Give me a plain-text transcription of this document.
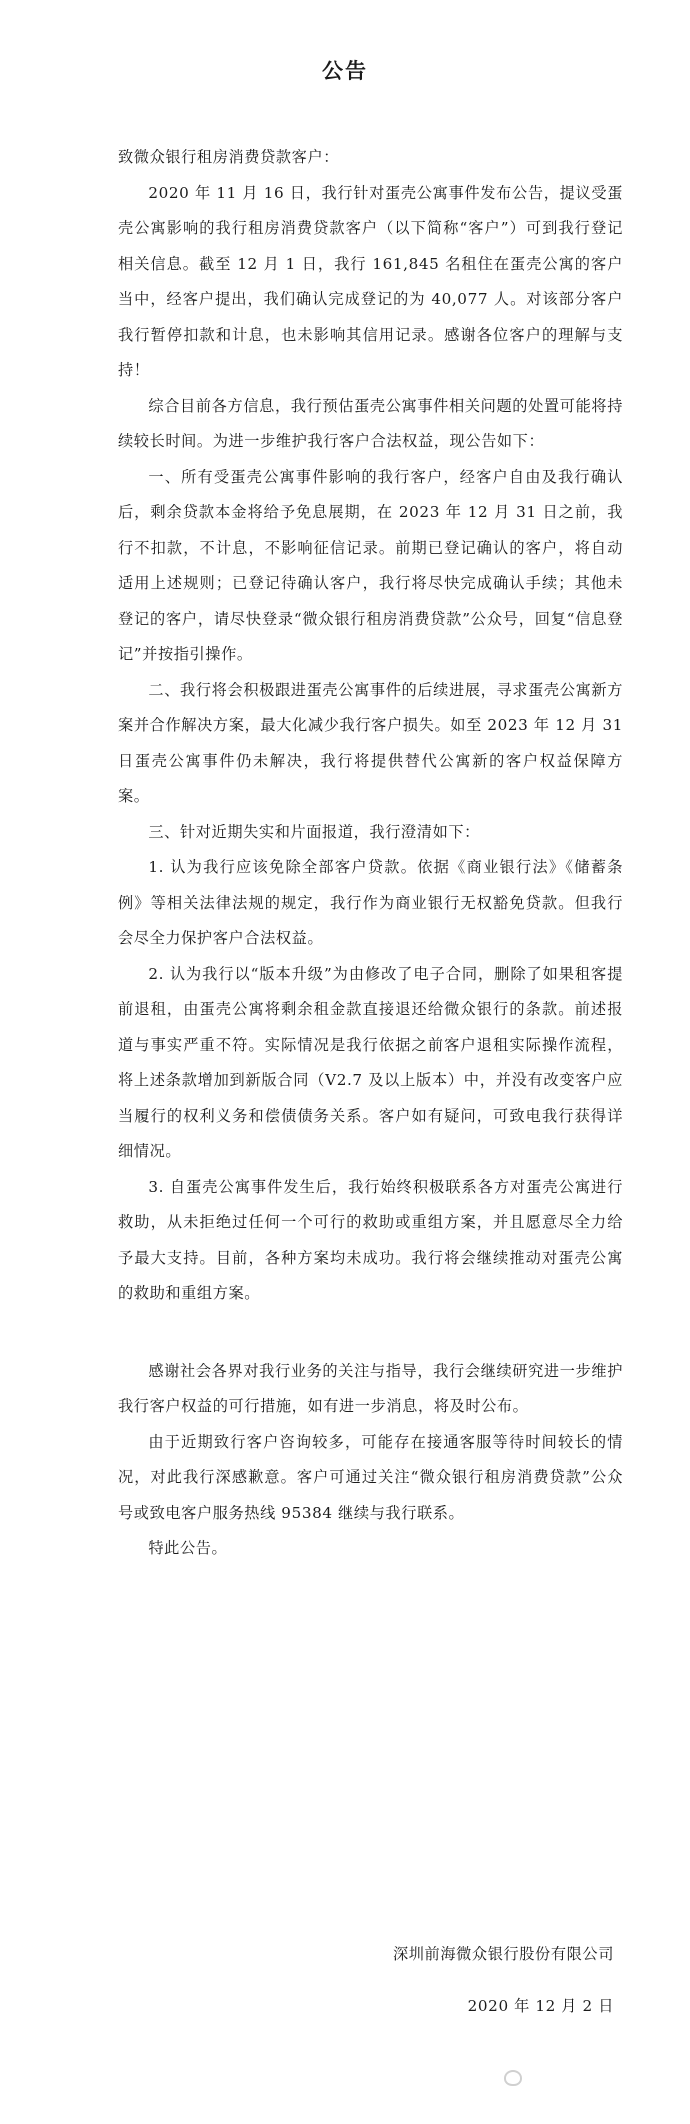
公告

致微众银行租房消费贷款客户：

2020 年 11 月 16 日，我行针对蛋壳公寓事件发布公告，提议受蛋壳公寓影响的我行租房消费贷款客户（以下简称“客户”）可到我行登记相关信息。截至 12 月 1 日，我行 161,845 名租住在蛋壳公寓的客户当中，经客户提出，我们确认完成登记的为 40,077 人。对该部分客户我行暂停扣款和计息，也未影响其信用记录。感谢各位客户的理解与支持！

综合目前各方信息，我行预估蛋壳公寓事件相关问题的处置可能将持续较长时间。为进一步维护我行客户合法权益，现公告如下：

一、所有受蛋壳公寓事件影响的我行客户，经客户自由及我行确认后，剩余贷款本金将给予免息展期，在 2023 年 12 月 31 日之前，我行不扣款，不计息，不影响征信记录。前期已登记确认的客户，将自动适用上述规则；已登记待确认客户，我行将尽快完成确认手续；其他未登记的客户，请尽快登录“微众银行租房消费贷款”公众号，回复“信息登记”并按指引操作。

二、我行将会积极跟进蛋壳公寓事件的后续进展，寻求蛋壳公寓新方案并合作解决方案，最大化减少我行客户损失。如至 2023 年 12 月 31 日蛋壳公寓事件仍未解决，我行将提供替代公寓新的客户权益保障方案。

三、针对近期失实和片面报道，我行澄清如下：

1. 认为我行应该免除全部客户贷款。依据《商业银行法》《储蓄条例》等相关法律法规的规定，我行作为商业银行无权豁免贷款。但我行会尽全力保护客户合法权益。

2. 认为我行以“版本升级”为由修改了电子合同，删除了如果租客提前退租，由蛋壳公寓将剩余租金款直接退还给微众银行的条款。前述报道与事实严重不符。实际情况是我行依据之前客户退租实际操作流程，将上述条款增加到新版合同（V2.7 及以上版本）中，并没有改变客户应当履行的权利义务和偿债债务关系。客户如有疑问，可致电我行获得详细情况。

3. 自蛋壳公寓事件发生后，我行始终积极联系各方对蛋壳公寓进行救助，从未拒绝过任何一个可行的救助或重组方案，并且愿意尽全力给予最大支持。目前，各种方案均未成功。我行将会继续推动对蛋壳公寓的救助和重组方案。

感谢社会各界对我行业务的关注与指导，我行会继续研究进一步维护我行客户权益的可行措施，如有进一步消息，将及时公布。

由于近期致行客户咨询较多，可能存在接通客服等待时间较长的情况，对此我行深感歉意。客户可通过关注“微众银行租房消费贷款”公众号或致电客户服务热线 95384 继续与我行联系。

特此公告。

深圳前海微众银行股份有限公司
2020 年 12 月 2 日
